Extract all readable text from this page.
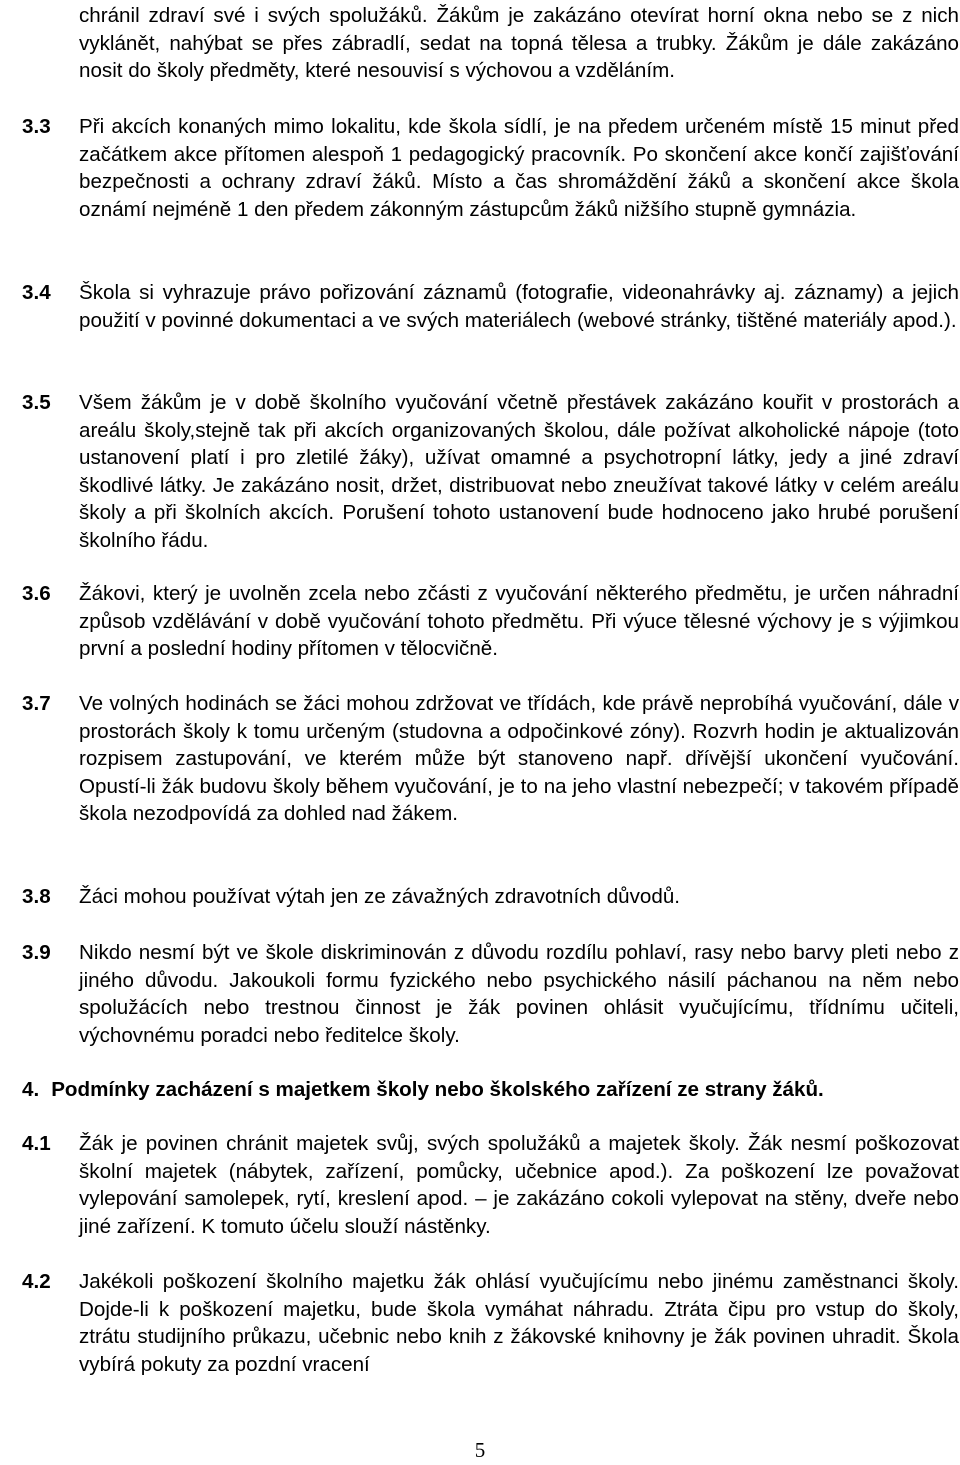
chránil zdraví své i svých spolužáků. Žákům je zakázáno otevírat horní okna nebo se z nich vyklánět, nahýbat se přes zábradlí, sedat na topná tělesa a trubky. Žákům je dále zakázáno nosit do školy předměty, které nesouvisí s výchovou a vzděláním.

3.3 Při akcích konaných mimo lokalitu, kde škola sídlí, je na předem určeném místě 15 minut před začátkem akce přítomen alespoň 1 pedagogický pracovník. Po skončení akce končí zajišťování bezpečnosti a ochrany zdraví žáků. Místo a čas shromáždění žáků a skončení akce škola oznámí nejméně 1 den předem zákonným zástupcům žáků nižšího stupně gymnázia.

3.4 Škola si vyhrazuje právo pořizování záznamů (fotografie, videonahrávky aj. záznamy) a jejich použití v povinné dokumentaci a ve svých materiálech (webové stránky, tištěné materiály apod.).

3.5 Všem žákům je v době školního vyučování včetně přestávek zakázáno kouřit v prostorách a areálu školy,stejně tak při akcích organizovaných školou, dále požívat alkoholické nápoje (toto ustanovení platí i pro zletilé žáky), užívat omamné a psychotropní látky, jedy a jiné zdraví škodlivé látky. Je zakázáno nosit, držet, distribuovat nebo zneužívat takové látky v celém areálu školy a při školních akcích. Porušení tohoto ustanovení bude hodnoceno jako hrubé porušení školního řádu.

3.6 Žákovi, který je uvolněn zcela nebo zčásti z vyučování některého předmětu, je určen náhradní způsob vzdělávání v době vyučování tohoto předmětu. Při výuce tělesné výchovy je s výjimkou první a poslední hodiny přítomen v tělocvičně.

3.7 Ve volných hodinách se žáci mohou zdržovat ve třídách, kde právě neprobíhá vyučování, dále v prostorách školy k tomu určeným (studovna a odpočinkové zóny). Rozvrh hodin je aktualizován rozpisem zastupování, ve kterém může být stanoveno např. dřívější ukončení vyučování. Opustí-li žák budovu školy během vyučování, je to na jeho vlastní nebezpečí; v takovém případě škola nezodpovídá za dohled nad žákem.

3.8 Žáci mohou používat výtah jen ze závažných zdravotních důvodů.

3.9 Nikdo nesmí být ve škole diskriminován z důvodu rozdílu pohlaví, rasy nebo barvy pleti nebo z jiného důvodu. Jakoukoli formu fyzického nebo psychického násilí páchanou na něm nebo spolužácích nebo trestnou činnost je žák povinen ohlásit vyučujícímu, třídnímu učiteli, výchovnému poradci nebo ředitelce školy.

4. Podmínky zacházení s majetkem školy nebo školského zařízení ze strany žáků.
4.1 Žák je povinen chránit majetek svůj, svých spolužáků a majetek školy. Žák nesmí poškozovat školní majetek (nábytek, zařízení, pomůcky, učebnice apod.). Za poškození lze považovat vylepování samolepek, rytí, kreslení apod. – je zakázáno cokoli vylepovat na stěny, dveře nebo jiné zařízení. K tomuto účelu slouží nástěnky.

4.2 Jakékoli poškození školního majetku žák ohlásí vyučujícímu nebo jinému zaměstnanci školy. Dojde-li k poškození majetku, bude škola vymáhat náhradu. Ztráta čipu pro vstup do školy, ztrátu studijního průkazu, učebnic nebo knih z žákovské knihovny je žák povinen uhradit. Škola vybírá pokuty za pozdní vracení

5
